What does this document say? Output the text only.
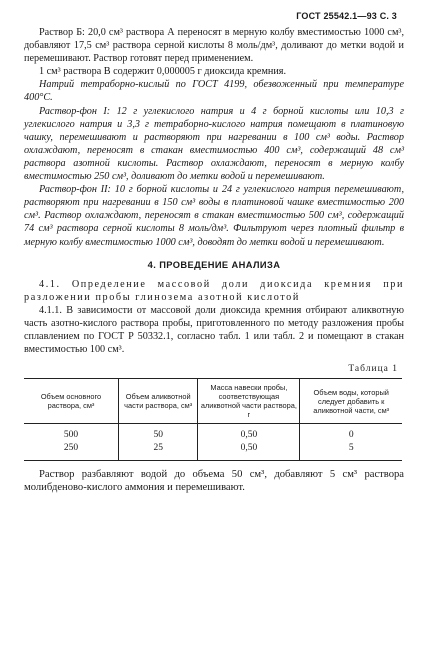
ГОСТ 25542.1—93 С. 3

Раствор Б: 20,0 см³ раствора А переносят в мерную колбу вместимостью 1000 см³, добавляют 17,5 см³ раствора серной кислоты 8 моль/дм³, доливают до метки водой и перемешивают. Раствор готовят перед применением.

1 см³ раствора В содержит 0,000005 г диоксида кремния.

Натрий тетраборно-кислый по ГОСТ 4199, обезвоженный при температуре 400°С.

Раствор-фон I: 12 г углекислого натрия и 4 г борной кислоты или 10,3 г углекислого натрия и 3,3 г тетраборно-кислого натрия помещают в платиновую чашку, перемешивают и растворяют при нагревании в 100 см³ воды. Раствор охлаждают, переносят в стакан вместимостью 400 см³, содержащий 48 см³ раствора азотной кислоты. Раствор охлаждают, переносят в мерную колбу вместимостью 250 см³, доливают до метки водой и перемешивают.

Раствор-фон II: 10 г борной кислоты и 24 г углекислого натрия перемешивают, растворяют при нагревании в 150 см³ воды в платиновой чашке вместимостью 200 см³. Раствор охлаждают, переносят в стакан вместимостью 500 см³, содержащий 74 см³ раствора серной кислоты 8 моль/дм³. Фильтруют через плотный фильтр в мерную колбу вместимостью 1000 см³, доводят до метки водой и перемешивают.

4. ПРОВЕДЕНИЕ АНАЛИЗА

4.1. Определение массовой доли диоксида кремния при разложении пробы глинозема азотной кислотой

4.1.1. В зависимости от массовой доли диоксида кремния отбирают аликвотную часть азотно-кислого раствора пробы, приготовленного по методу разложения пробы сплавлением по ГОСТ Р 50332.1, согласно табл. 1 или табл. 2 и помещают в стакан вместимостью 100 см³.

Таблица 1
Объем основного раствора, см³	Объем аликвотной части раствора, см³	Масса навески пробы, соответствующая аликвотной части раствора, г	Объем воды, который следует добавить к аликвотной части, см³
500	50	0,50	0
250	25	0,50	5

Раствор разбавляют водой до объема 50 см³, добавляют 5 см³ раствора молибденово-кислого аммония и перемешивают.
